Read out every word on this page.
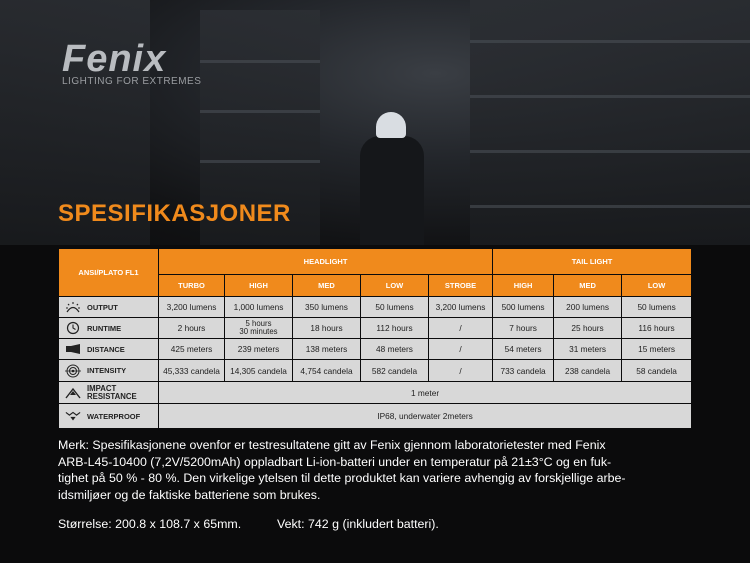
Fenix
LIGHTING FOR EXTREMES
SPESIFIKASJONER
ANSI/PLATO FL1	HEADLIGHT					TAIL LIGHT		
	TURBO	HIGH	MED	LOW	STROBE	HIGH	MED	LOW

OUTPUT	3,200 lumens	1,000 lumens	350 lumens	50 lumens	3,200 lumens	500 lumens	200 lumens	50 lumens

RUNTIME	2 hours	5 hours
30 minutes	18 hours	112 hours	/	7 hours	25 hours	116 hours

DISTANCE	425 meters	239 meters	138 meters	48 meters	/	54 meters	31 meters	15 meters

INTENSITY	45,333 candela	14,305 candela	4,754 candela	582 candela	/	733 candela	238 candela	58 candela

IMPACT
RESISTANCE	1 meter							

WATERPROOF	IP68, underwater 2meters							
Merk: Spesifikasjonene ovenfor er testresultatene gitt av Fenix gjennom laboratorietester med Fenix
ARB-L45-10400 (7,2V/5200mAh) oppladbart Li-ion-batteri under en temperatur på 21±3°C og en fuk-
tighet på 50 % - 80 %. Den virkelige ytelsen til dette produktet kan variere avhengig av forskjellige arbe-
idsmiljøer og de faktiske batteriene som brukes.
Størrelse: 200.8 x 108.7 x 65mm.	Vekt: 742 g (inkludert batteri).
